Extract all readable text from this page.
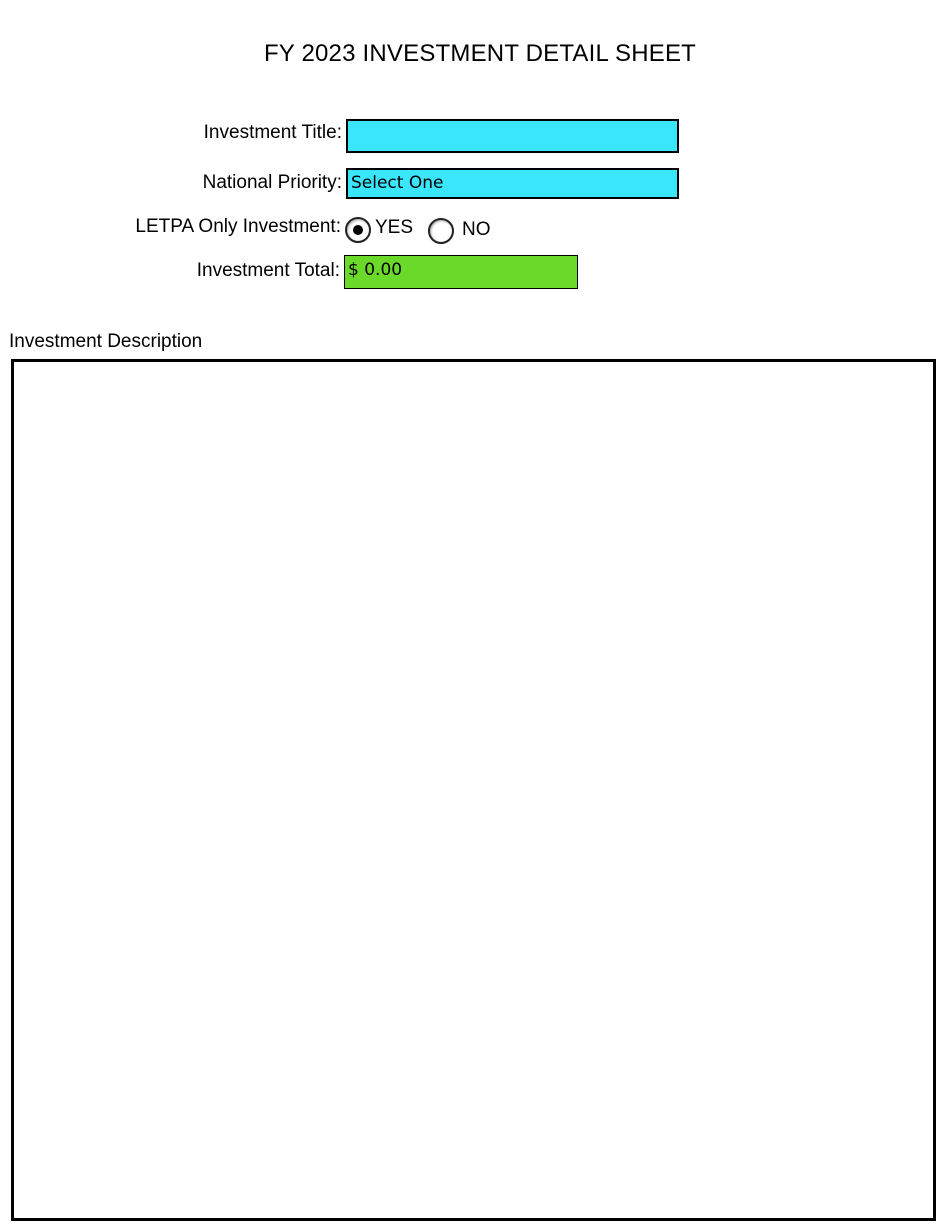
FY 2023 INVESTMENT DETAIL SHEET
Investment Title:
National Priority: Select One
LETPA Only Investment: YES	NO
Investment Total: $ 0.00
Investment Description
